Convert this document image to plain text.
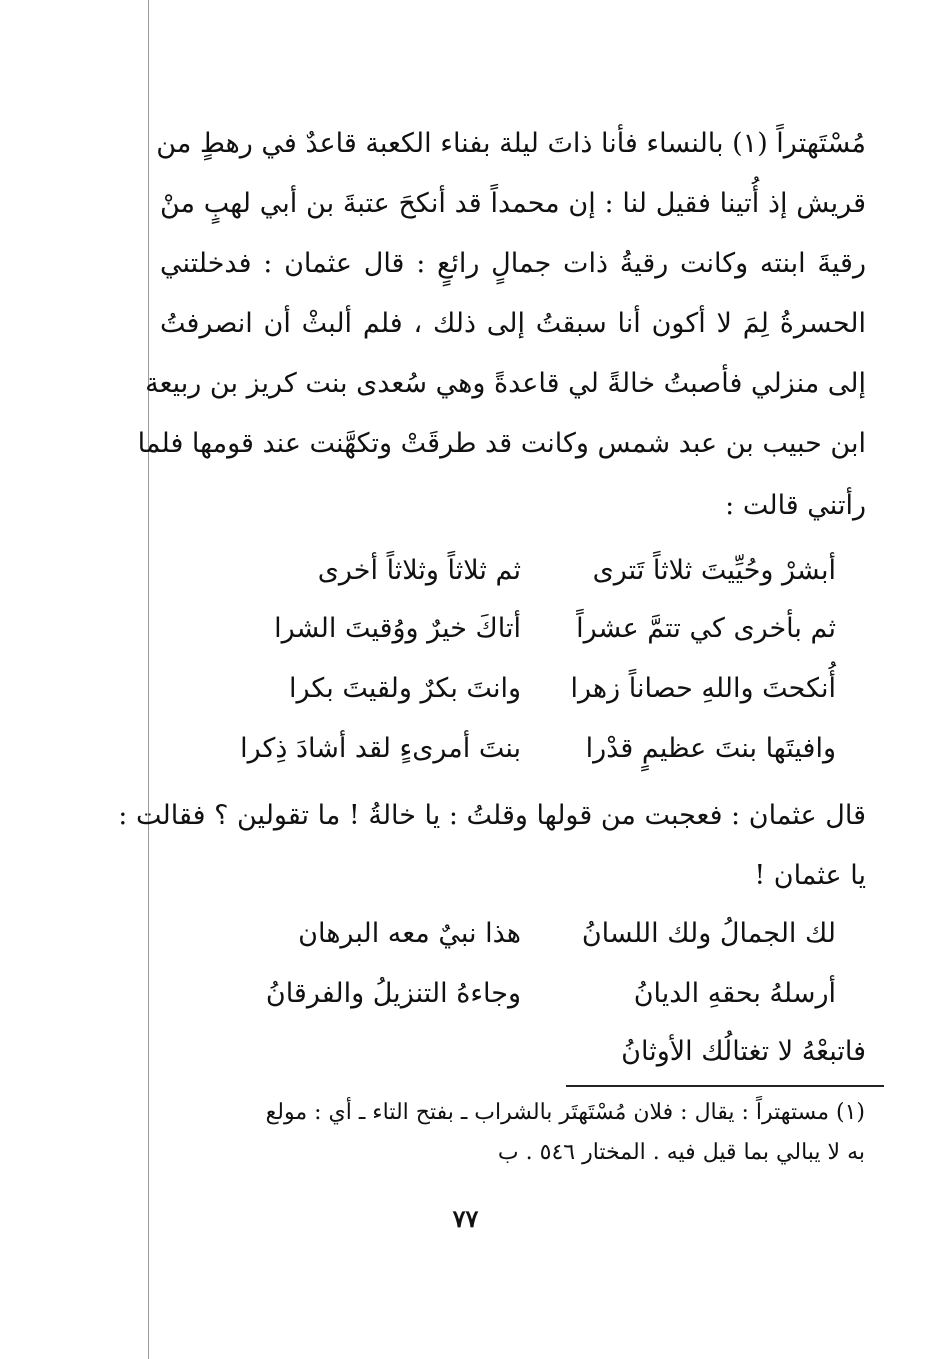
مُسْتَهتراً (١) بالنساء فأنا ذاتَ ليلة بفناء الكعبة قاعدٌ في رهطٍ من
قريش إذ أُتينا فقيل لنا : إن محمداً قد أنكحَ عتبةَ بن أبي لهبٍ منْ
رقيةَ ابنته وكانت رقيةُ ذات جمالٍ رائعٍ : قال عثمان : فدخلتني
الحسرةُ لِمَ لا أكون أنا سبقتُ إلى ذلك ، فلم ألبثْ أن انصرفتُ
إلى منزلي فأصبتُ خالةً لي قاعدةً وهي سُعدى بنت كريز بن ربيعة
ابن حبيب بن عبد شمس وكانت قد طرقَتْ وتكهَّنت عند قومها فلما
رأتني قالت :
أبشرْ وحُيِّيتَ ثلاثاً تَترى
ثم ثلاثاً وثلاثاً أخرى
ثم بأخرى كي تتمَّ عشراً
أتاكَ خيرٌ ووُقيتَ الشرا
أُنكحتَ واللهِ حصاناً زهرا
وانتَ بكرٌ ولقيتَ بكرا
وافيتَها بنتَ عظيمٍ قدْرا
بنتَ أمرىءٍ لقد أشادَ ذِكرا
قال عثمان : فعجبت من قولها وقلتُ : يا خالةُ ! ما تقولين ؟ فقالت :
يا عثمان !
لك الجمالُ ولك اللسانُ
هذا نبيٌ معه البرهان
أرسلهُ بحقهِ الديانُ
وجاءهُ التنزيلُ والفرقانُ
فاتبعْهُ لا تغتالُك الأوثانُ
(١) مستهتراً : يقال : فلان مُسْتَهتَر بالشراب ـ بفتح التاء ـ أي : مولع
به لا يبالي بما قيل فيه . المختار ٥٤٦ . ب
٧٧
